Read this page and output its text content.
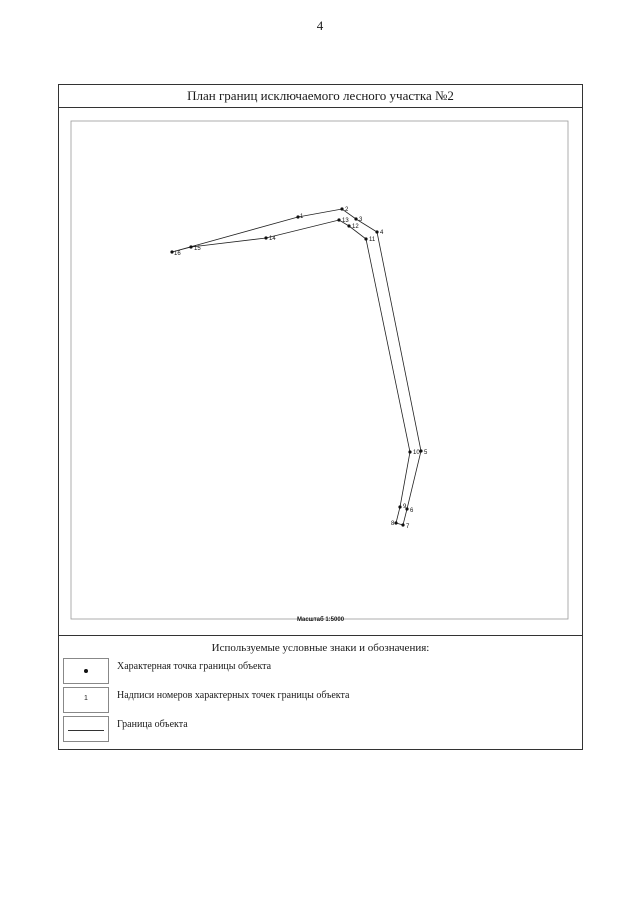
4
План границ исключаемого лесного участка №2
1
2
3
4
5
6
7
8
9
10
11
12
13
14
15
16
Масштаб 1:5000
Используемые условные знаки и обозначения:
Характерная точка границы объекта
1	Надписи номеров характерных точек границы объекта
Граница объекта
